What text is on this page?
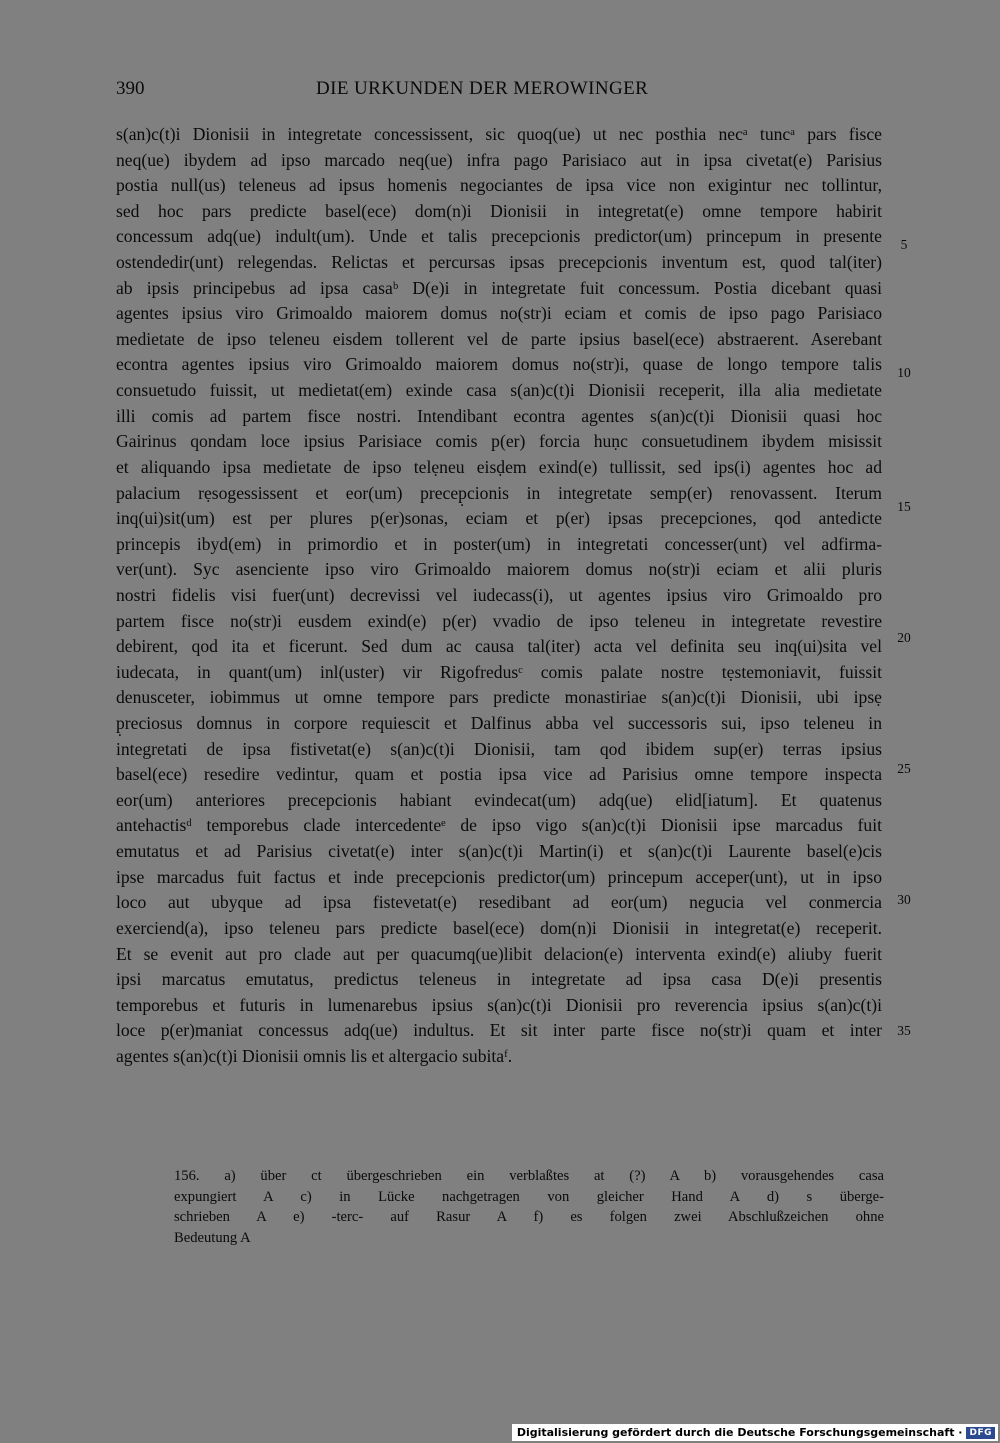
390	DIE URKUNDEN DER MEROWINGER
s(an)c(t)i Dionisii in integretate concessissent, sic quoq(ue) ut nec posthia necᵃ tuncᵃ pars fisce
neq(ue) ibydem ad ipso marcado neq(ue) infra pago Parisiaco aut in ipsa civetat(e) Parisius
postia null(us) teleneus ad ipsus homenis negociantes de ipsa vice non exigintur nec tollintur,
sed hoc pars predicte basel(ece) dom(n)i Dionisii in integretat(e) omne tempore habirit
concessum adq(ue) indult(um). Unde et talis precepcionis predictor(um) princepum in presente
ostendedir(unt) relegendas. Relictas et percursas ipsas precepcionis inventum est, quod tal(iter)
ab ipsis principebus ad ipsa casaᵇ D(e)i in integretate fuit concessum. Postia dicebant quasi
agentes ipsius viro Grimoaldo maiorem domus no(str)i eciam et comis de ipso pago Parisiaco
medietate de ipso teleneu eisdem tollerent vel de parte ipsius basel(ece) abstraerent. Aserebant
econtra agentes ipsius viro Grimoaldo maiorem domus no(str)i, quase de longo tempore talis
consuetudo fuissit, ut medietat(em) exinde casa s(an)c(t)i Dionisii receperit, illa alia medietate
illi comis ad partem fisce nostri. Intendibant econtra agentes s(an)c(t)i Dionisii quasi hoc
Gairinus qondam loce ipsius Parisiace comis p(er) forcia huṇc consuetudinem ibydem misissit
et aliquando ipsa medietate de ipso telẹneu eisḍem exind(e) tullissit, sed ips(i) agentes hoc ad
palacium rẹsogessissent et eor(um) precep̣cionis in integretate semp(er) renovassent. Iterum
inq(ui)sit(um) est per plures p(er)sonas, eciam et p(er) ipsas precepciones, qod antedicte
princepis ibyd(em) in primordio et in poster(um) in integretati concesser(unt) vel adfirma-
ver(unt). Syc asenciente ipso viro Grimoaldo maiorem domus no(str)i eciam et alii pluris
nostri fidelis visi fuer(unt) decrevissi vel iudecass(i), ut agentes ipsius viro Grimoaldo pro
partem fisce no(str)i eusdem exind(e) p(er) vvadio de ipso teleneu in integretate revestire
debirent, qod ita et ficerunt. Sed dum ac causa tal(iter) acta vel definita seu inq(ui)sita vel
iudecata, in quant(um) inl(uster) vir Rigofredusᶜ comis palate nostre tẹstemoniavit, fuissit
denusceter, iobimmus ut omne tempore pars predicte monastiriae s(an)c(t)i Dionisii, ubi ipsẹ
p̣reciosus domnus in corpore requiescit et Dalfinus abba vel successoris sui, ipso teleneu in
integretati de ipsa fistivetat(e) s(an)c(t)i Dionisii, tam qod ibidem sup(er) terras ipsius
basel(ece) resedire vedintur, quam et postia ipsa vice ad Parisius omne tempore inspecta
eor(um) anteriores precepcionis habiant evindecat(um) adq(ue) elid[iatum]. Et quatenus
antehactisᵈ temporebus clade intercedenteᵉ de ipso vigo s(an)c(t)i Dionisii ipse marcadus fuit
emutatus et ad Parisius civetat(e) inter s(an)c(t)i Martin(i) et s(an)c(t)i Laurente basel(e)cis
ipse marcadus fuit factus et inde precepcionis predictor(um) princepum acceper(unt), ut in ipso
loco aut ubyque ad ipsa fistevetat(e) resedibant ad eor(um) negucia vel conmercia
exerciend(a), ipso teleneu pars predicte basel(ece) dom(n)i Dionisii in integretat(e) receperit.
Et se evenit aut pro clade aut per quacumq(ue)libit delacion(e) interventa exind(e) aliuby fuerit
ipsi marcatus emutatus, predictus teleneus in integretate ad ipsa casa D(e)i presentis
temporebus et futuris in lumenarebus ipsius s(an)c(t)i Dionisii pro reverencia ipsius s(an)c(t)i
loce p(er)maniat concessus adq(ue) indultus. Et sit inter parte fisce no(str)i quam et inter
agentes s(an)c(t)i Dionisii omnis lis et altergacio subitaᶠ.
5
10
15
20
25
30
35
156. a) über ct übergeschrieben ein verblaßtes at (?) A b) vorausgehendes casa
expungiert A c) in Lücke nachgetragen von gleicher Hand A d) s überge-
schrieben A e) -terc- auf Rasur A f) es folgen zwei Abschlußzeichen ohne
Bedeutung A
Digitalisierung gefördert durch die Deutsche Forschungsgemeinschaft · DFG
